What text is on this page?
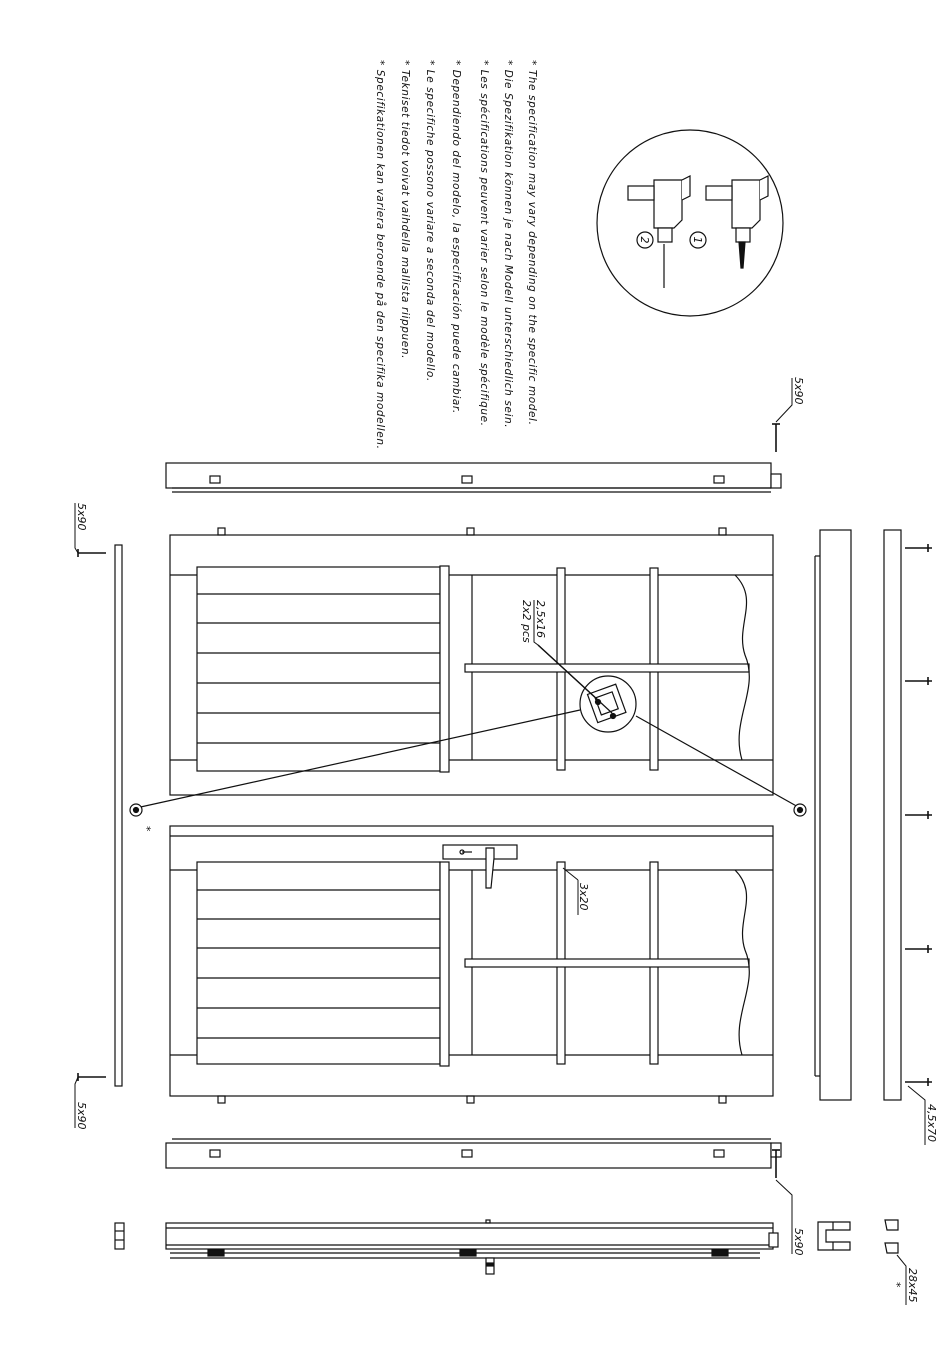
1
2
5x90
5x90
5x90
5x90
2,5x16
2x2 pcs
3x20
4,5x70
28x45
*
*
* The specification may vary depending on the specific model.
* Die Spezifikation können je nach Modell unterschiedlich sein.
* Les spécifications peuvent varier selon le modèle spécifique.
* Dependiendo del modelo, la especificación puede cambiar.
* Le specifiche possono variare a seconda del modello.
* Tekniset tiedot voivat vaihdella mallista riippuen.
* Specifikationen kan variera beroende på den specifika modellen.
